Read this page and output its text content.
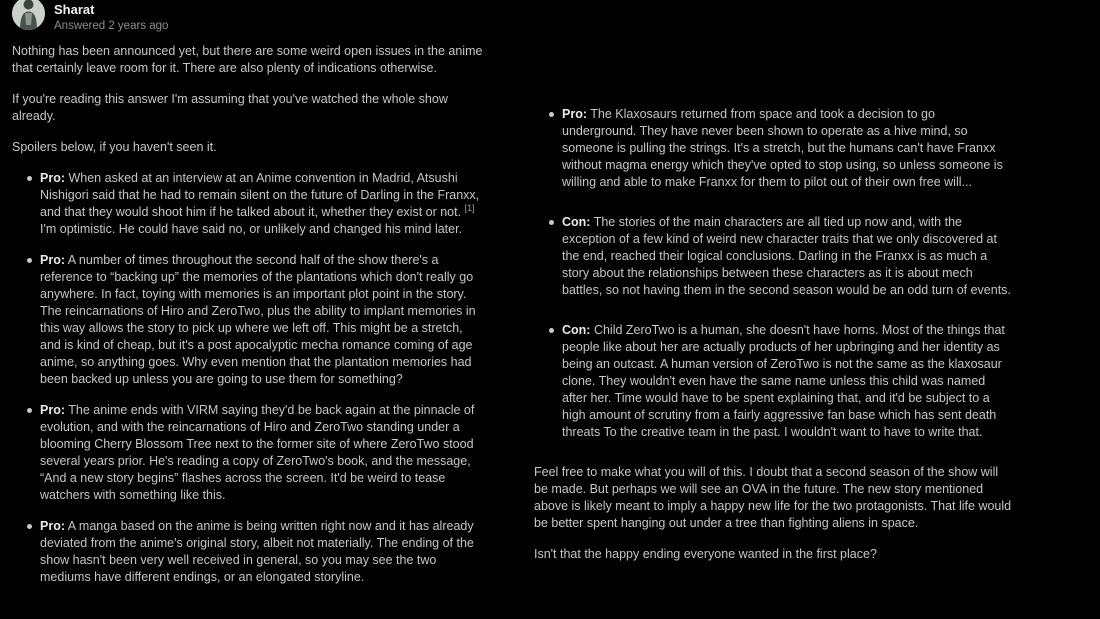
Sharat
Answered 2 years ago

Nothing has been announced yet, but there are some weird open issues in the anime that certainly leave room for it. There are also plenty of indications otherwise.

If you're reading this answer I'm assuming that you've watched the whole show already.

Spoilers below, if you haven't seen it.

Pro: When asked at an interview at an Anime convention in Madrid, Atsushi Nishigori said that he had to remain silent on the future of Darling in the Franxx, and that they would shoot him if he talked about it, whether they exist or not. [1] I'm optimistic. He could have said no, or unlikely and changed his mind later.
Pro: A number of times throughout the second half of the show there's a reference to “backing up” the memories of the plantations which don't really go anywhere. In fact, toying with memories is an important plot point in the story. The reincarnations of Hiro and ZeroTwo, plus the ability to implant memories in this way allows the story to pick up where we left off. This might be a stretch, and is kind of cheap, but it's a post apocalyptic mecha romance coming of age anime, so anything goes. Why even mention that the plantation memories had been backed up unless you are going to use them for something?
Pro: The anime ends with VIRM saying they'd be back again at the pinnacle of evolution, and with the reincarnations of Hiro and ZeroTwo standing under a blooming Cherry Blossom Tree next to the former site of where ZeroTwo stood several years prior. He's reading a copy of ZeroTwo's book, and the message, “And a new story begins” flashes across the screen. It'd be weird to tease watchers with something like this.
Pro: A manga based on the anime is being written right now and it has already deviated from the anime's original story, albeit not materially. The ending of the show hasn't been very well received in general, so you may see the two mediums have different endings, or an elongated storyline.
Pro: The Klaxosaurs returned from space and took a decision to go underground. They have never been shown to operate as a hive mind, so someone is pulling the strings. It's a stretch, but the humans can't have Franxx without magma energy which they've opted to stop using, so unless someone is willing and able to make Franxx for them to pilot out of their own free will...
Con: The stories of the main characters are all tied up now and, with the exception of a few kind of weird new character traits that we only discovered at the end, reached their logical conclusions. Darling in the Franxx is as much a story about the relationships between these characters as it is about mech battles, so not having them in the second season would be an odd turn of events.
Con: Child ZeroTwo is a human, she doesn't have horns. Most of the things that people like about her are actually products of her upbringing and her identity as being an outcast. A human version of ZeroTwo is not the same as the klaxosaur clone. They wouldn't even have the same name unless this child was named after her. Time would have to be spent explaining that, and it'd be subject to a high amount of scrutiny from a fairly aggressive fan base which has sent death threats To the creative team in the past. I wouldn't want to have to write that.

Feel free to make what you will of this. I doubt that a second season of the show will be made. But perhaps we will see an OVA in the future. The new story mentioned above is likely meant to imply a happy new life for the two protagonists. That life would be better spent hanging out under a tree than fighting aliens in space.

Isn't that the happy ending everyone wanted in the first place?
